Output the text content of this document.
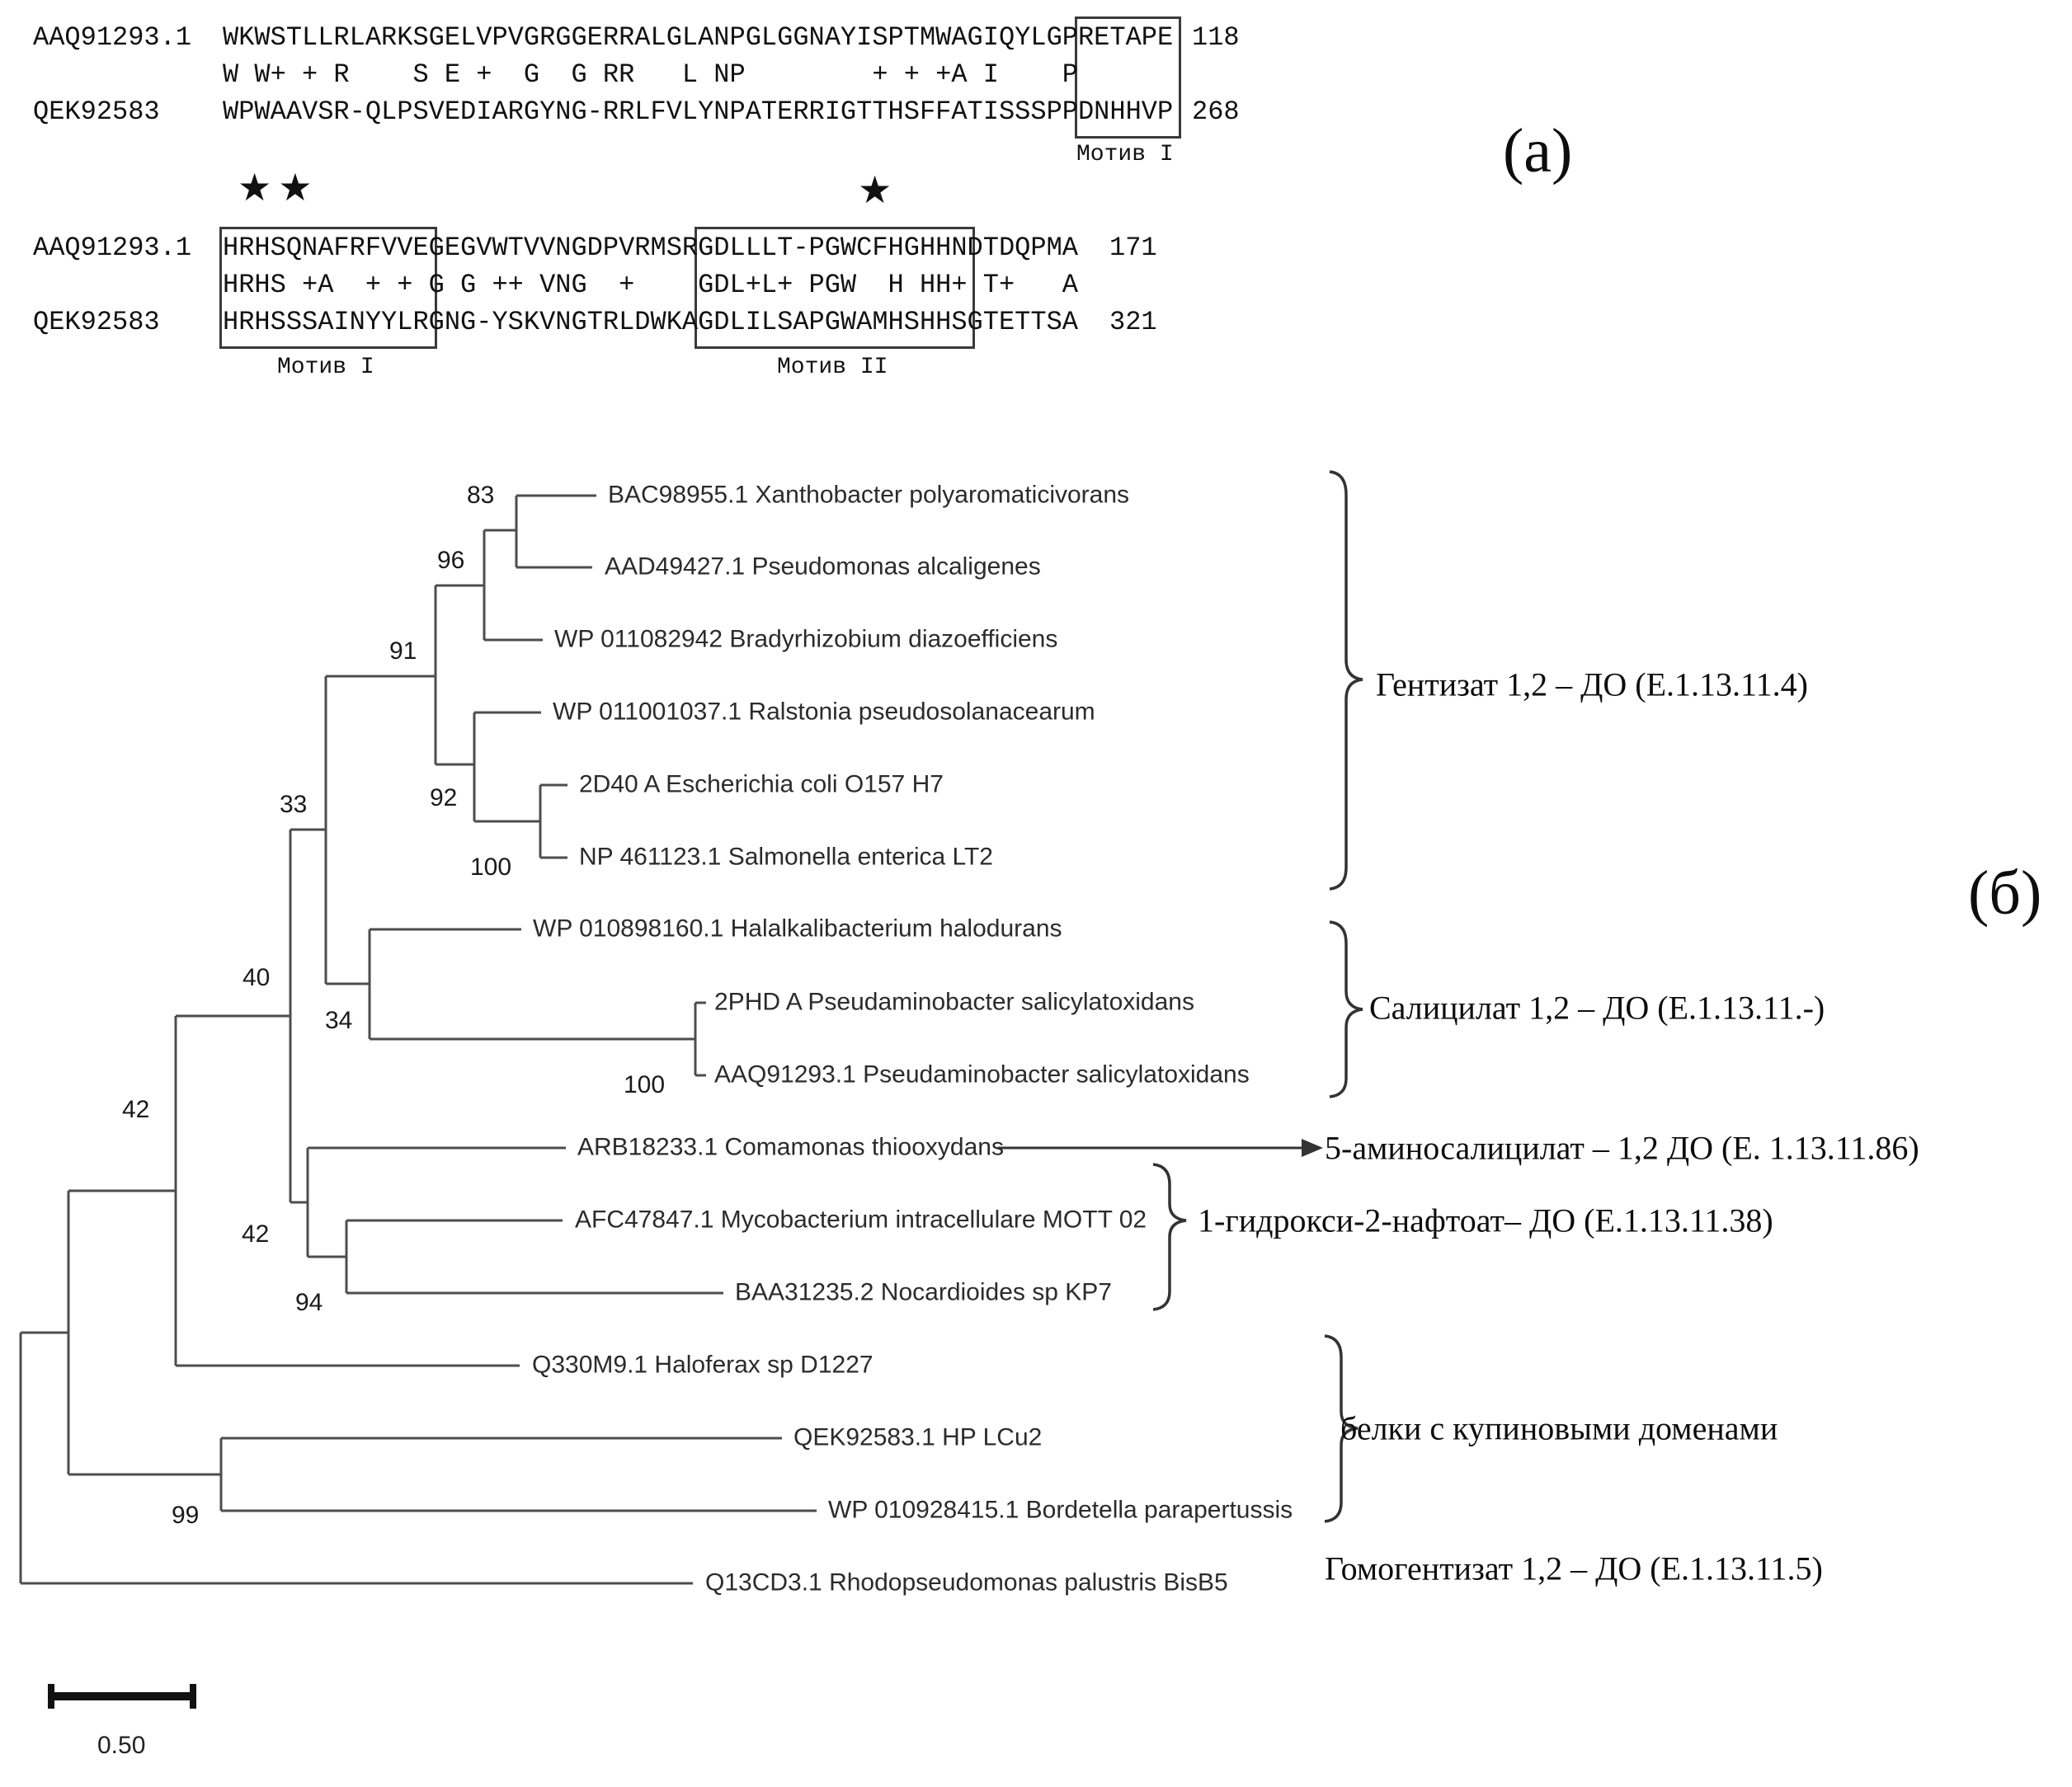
★★	★
(а)
(б)
0.50
AAQ91293.1 WKWSTLLRLARKSGELVPVGRGGERRALGLANPGLGGNAYISPTMWAGIQYLGPRETAPE 118
W W+ + R    S E +  G  G RR   L NP        + + +A I    P
QEK92583 WPWAAVSR-QLPSVEDIARGYNG-RRLFVLYNPATERRIGTTHSFFATISSSPPDNHHVP 268
Мотив I
AAQ91293.1 HRHSQNAFRFVVEGEGVWTVVNGDPVRMSRGDLLLT-PGWCFHGHHNDTDQPMA 171
HRHS +A  + + G G ++ VNG  +    GDL+L+ PGW  H HH+ T+   A
QEK92583 HRHSSSAINYYLRGNG-YSKVNGTRLDWKAGDLILSAPGWAMHSHHSGTETTSA 321
Мотив I	Мотив II
BAC98955.1 Xanthobacter polyaromaticivorans
AAD49427.1 Pseudomonas alcaligenes
WP 011082942 Bradyrhizobium diazoefficiens
WP 011001037.1 Ralstonia pseudosolanacearum
2D40 A Escherichia coli O157 H7
NP 461123.1 Salmonella enterica LT2
WP 010898160.1 Halalkalibacterium halodurans
2PHD A Pseudaminobacter salicylatoxidans
AAQ91293.1 Pseudaminobacter salicylatoxidans
ARB18233.1 Comamonas thiooxydans
AFC47847.1 Mycobacterium intracellulare MOTT 02
BAA31235.2 Nocardioides sp KP7
Q330M9.1 Haloferax sp D1227
QEK92583.1 HP LCu2
WP 010928415.1 Bordetella parapertussis
Q13CD3.1 Rhodopseudomonas palustris BisB5
83
96
91
92
100
33
34
100
40
42
42
94
99
Гентизат 1,2 – ДО (Е.1.13.11.4)
Салицилат 1,2 – ДО (Е.1.13.11.-)
5-аминосалицилат – 1,2 ДО (Е. 1.13.11.86)
1-гидрокси-2-нафтоат– ДО (Е.1.13.11.38)
белки с купиновыми доменами
Гомогентизат 1,2 – ДО (Е.1.13.11.5)
